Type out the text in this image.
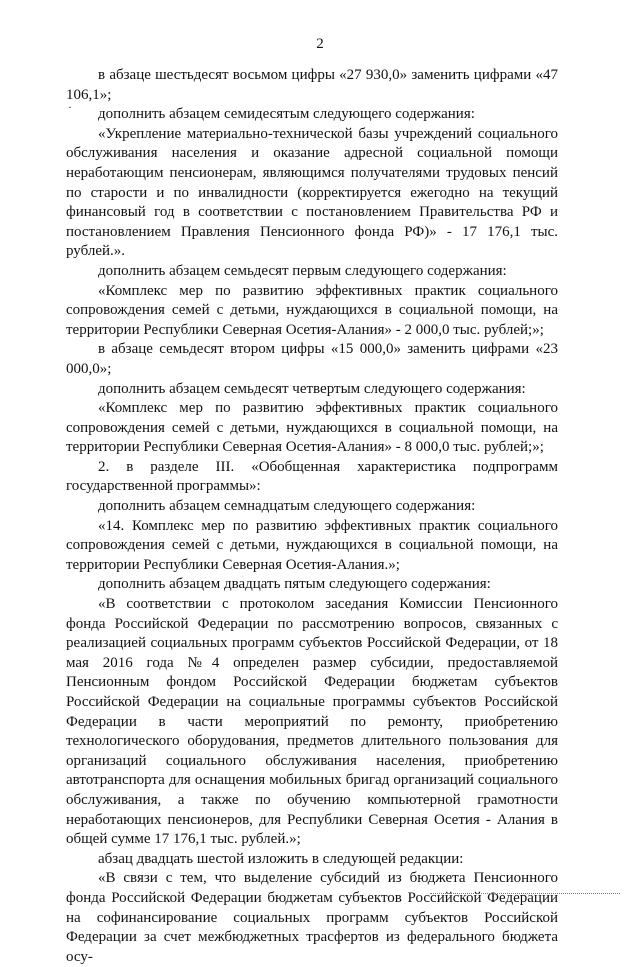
2
·

в абзаце шестьдесят восьмом цифры «27 930,0» заменить цифрами «47 106,1»;

дополнить абзацем семидесятым следующего содержания:

«Укрепление материально-технической базы учреждений социального обслуживания населения и оказание адресной социальной помощи неработающим пенсионерам, являющимся получателями трудовых пенсий по старости и по инвалидности (корректируется ежегодно на текущий финансовый год в соответствии с постановлением Правительства РФ и постановлением Правления Пенсионного фонда РФ)» - 17 176,1 тыс. рублей.».

дополнить абзацем семьдесят первым следующего содержания:

«Комплекс мер по развитию эффективных практик социального сопровождения семей с детьми, нуждающихся в социальной помощи, на территории Республики Северная Осетия-Алания» - 2 000,0 тыс. рублей;»;

в абзаце семьдесят втором цифры «15 000,0» заменить цифрами «23 000,0»;

дополнить абзацем семьдесят четвертым следующего содержания:

«Комплекс мер по развитию эффективных практик социального сопровождения семей с детьми, нуждающихся в социальной помощи, на территории Республики Северная Осетия-Алания» - 8 000,0 тыс. рублей;»;

2. в разделе III. «Обобщенная характеристика подпрограмм государственной программы»:

дополнить абзацем семнадцатым следующего содержания:

«14. Комплекс мер по развитию эффективных практик социального сопровождения семей с детьми, нуждающихся в социальной помощи, на территории Республики Северная Осетия-Алания.»;

дополнить абзацем двадцать пятым следующего содержания:

«В соответствии с протоколом заседания Комиссии Пенсионного фонда Российской Федерации по рассмотрению вопросов, связанных с реализацией социальных программ субъектов Российской Федерации, от 18 мая 2016 года №4 определен размер субсидии, предоставляемой Пенсионным фондом Российской Федерации бюджетам субъектов Российской Федерации на социальные программы субъектов Российской Федерации в части мероприятий по ремонту, приобретению технологического оборудования, предметов длительного пользования для организаций социального обслуживания населения, приобретению автотранспорта для оснащения мобильных бригад организаций социального обслуживания, а также по обучению компьютерной грамотности неработающих пенсионеров, для Республики Северная Осетия - Алания в общей сумме 17 176,1 тыс. рублей.»;

абзац двадцать шестой изложить в следующей редакции:

«В связи с тем, что выделение субсидий из бюджета Пенсионного фонда Российской Федерации бюджетам субъектов Российской Федерации на софинансирование социальных программ субъектов Российской Федерации за счет межбюджетных трасфертов из федерального бюджета осу-
